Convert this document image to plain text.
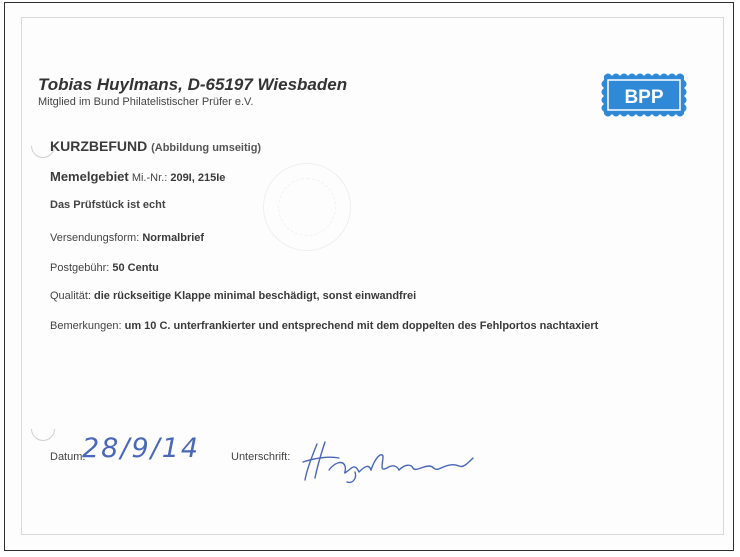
Tobias Huylmans, D-65197 Wiesbaden
Mitglied im Bund Philatelistischer Prüfer e.V.	BPP
KURZBEFUND (Abbildung umseitig)
Memelgebiet Mi.-Nr.: 209I, 215Ie
Das Prüfstück ist echt
Versendungsform: Normalbrief
Postgebühr: 50 Centu
Qualität: die rückseitige Klappe minimal beschädigt, sonst einwandfrei
Bemerkungen: um 10 C. unterfrankierter und entsprechend mit dem doppelten des Fehlportos nachtaxiert
Datum:
28/9/14	Unterschrift:
